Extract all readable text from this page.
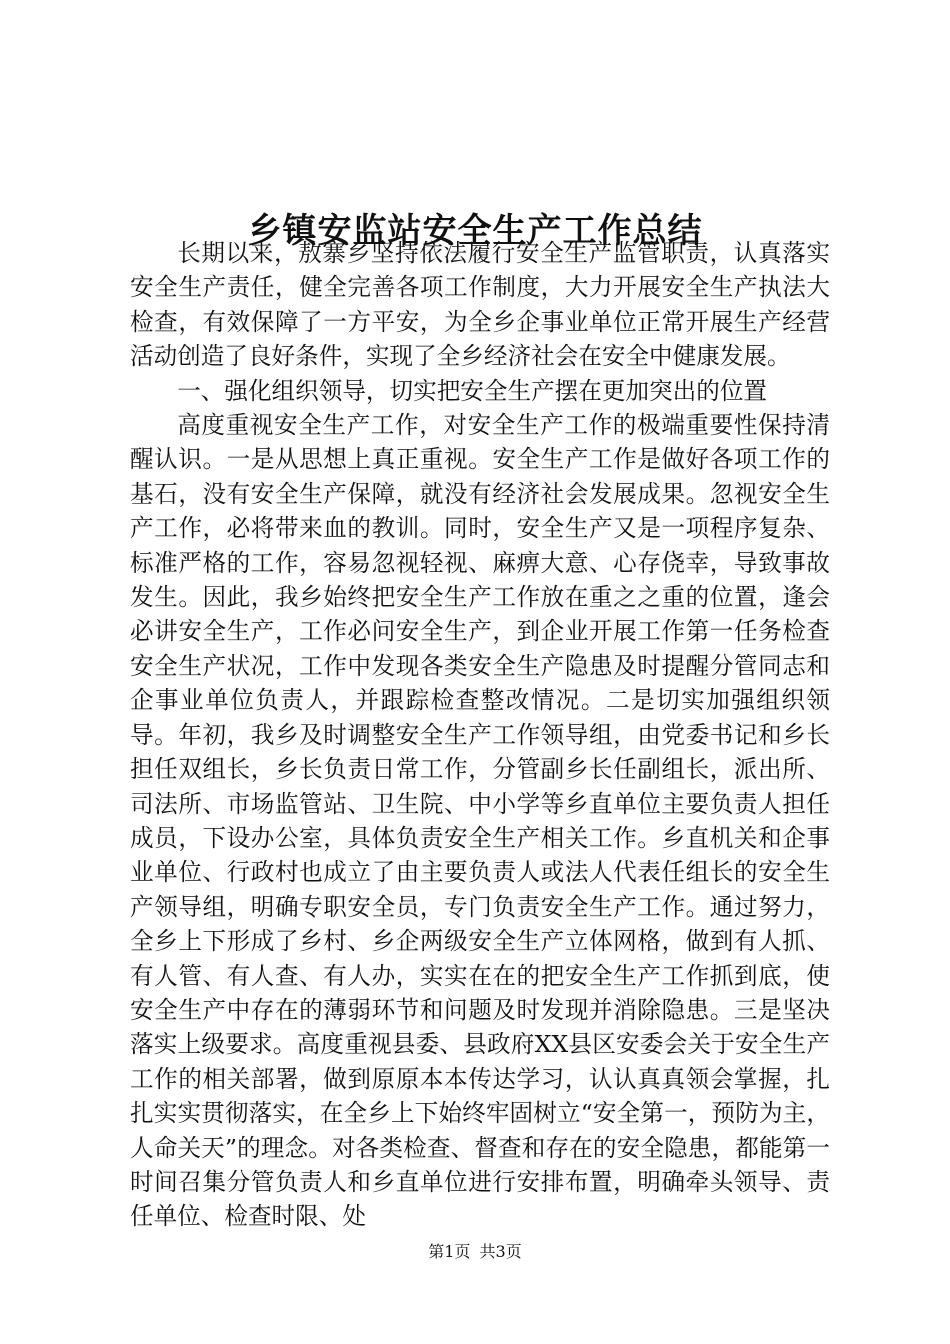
乡镇安监站安全生产工作总结

长期以来，敖寨乡坚持依法履行安全生产监管职责，认真落实安全生产责任，健全完善各项工作制度，大力开展安全生产执法大检查，有效保障了一方平安，为全乡企事业单位正常开展生产经营活动创造了良好条件，实现了全乡经济社会在安全中健康发展。

一、强化组织领导，切实把安全生产摆在更加突出的位置

高度重视安全生产工作，对安全生产工作的极端重要性保持清醒认识。一是从思想上真正重视。安全生产工作是做好各项工作的基石，没有安全生产保障，就没有经济社会发展成果。忽视安全生产工作，必将带来血的教训。同时，安全生产又是一项程序复杂、标准严格的工作，容易忽视轻视、麻痹大意、心存侥幸，导致事故发生。因此，我乡始终把安全生产工作放在重之之重的位置，逢会必讲安全生产，工作必问安全生产，到企业开展工作第一任务检查安全生产状况，工作中发现各类安全生产隐患及时提醒分管同志和企事业单位负责人，并跟踪检查整改情况。二是切实加强组织领导。年初，我乡及时调整安全生产工作领导组，由党委书记和乡长担任双组长，乡长负责日常工作，分管副乡长任副组长，派出所、司法所、市场监管站、卫生院、中小学等乡直单位主要负责人担任成员，下设办公室，具体负责安全生产相关工作。乡直机关和企事业单位、行政村也成立了由主要负责人或法人代表任组长的安全生产领导组，明确专职安全员，专门负责安全生产工作。通过努力，全乡上下形成了乡村、乡企两级安全生产立体网格，做到有人抓、有人管、有人查、有人办，实实在在的把安全生产工作抓到底，使安全生产中存在的薄弱环节和问题及时发现并消除隐患。三是坚决落实上级要求。高度重视县委、县政府XX县区安委会关于安全生产工作的相关部署，做到原原本本传达学习，认认真真领会掌握，扎扎实实贯彻落实，在全乡上下始终牢固树立“安全第一，预防为主，人命关天”的理念。对各类检查、督查和存在的安全隐患，都能第一时间召集分管负责人和乡直单位进行安排布置，明确牵头领导、责任单位、检查时限、处

第1页 共3页
